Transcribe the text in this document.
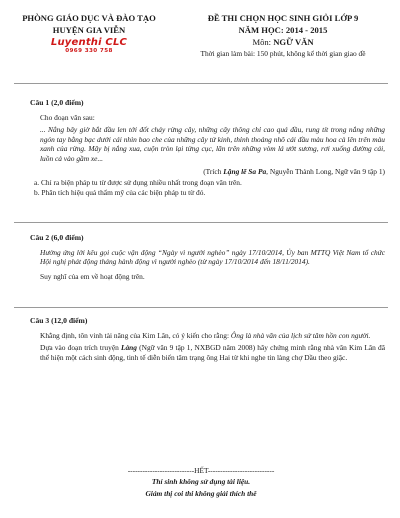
PHÒNG GIÁO DỤC VÀ ĐÀO TẠO
HUYỆN GIA VIỄN
Luyenthi CLC
0969 330 758
ĐỀ THI CHỌN HỌC SINH GIỎI LỚP 9
NĂM HỌC: 2014 - 2015
Môn: NGỮ VĂN
Thời gian làm bài: 150 phút, không kể thời gian giao đề
Câu 1 (2,0 điểm)
Cho đoạn văn sau:
... Nắng bây giờ bắt đầu len tới đốt cháy rừng cây, những cây thông chỉ cao quá đầu, rung tít trong nắng những ngón tay bằng bạc dưới cái nhìn bao che của những cây tử kinh, thỉnh thoảng nhô cái đầu màu hoa cà lên trên màu xanh của rừng. Mây bị nắng xua, cuộn tròn lại từng cục, lăn trên những vòm lá ướt sương, rơi xuống đường cái, luồn cả vào gầm xe...
(Trích Lặng lẽ Sa Pa, Nguyễn Thành Long, Ngữ văn 9 tập 1)
a. Chỉ ra biện pháp tu từ được sử dụng nhiều nhất trong đoạn văn trên.
b. Phân tích hiệu quả thẩm mỹ của các biện pháp tu từ đó.
Câu 2 (6,0 điểm)
Hưởng ứng lời kêu gọi cuộc vận động “Ngày vì người nghèo” ngày 17/10/2014, Ủy ban MTTQ Việt Nam tổ chức Hội nghị phát động tháng hành động vì người nghèo (từ ngày 17/10/2014 đến 18/11/2014).
Suy nghĩ của em về hoạt động trên.
Câu 3 (12,0 điểm)
Khẳng định, tôn vinh tài năng của Kim Lân, có ý kiến cho rằng: Ông là nhà văn của lịch sử tâm hồn con người.
Dựa vào đoạn trích truyện Làng (Ngữ văn 9 tập 1, NXBGD năm 2008) hãy chứng minh rằng nhà văn Kim Lân đã thể hiện một cách sinh động, tinh tế diễn biến tâm trạng ông Hai từ khi nghe tin làng chợ Dầu theo giặc.
---------------------------HẾT---------------------------
Thí sinh không sử dụng tài liệu.
Giám thị coi thi không giải thích thê
